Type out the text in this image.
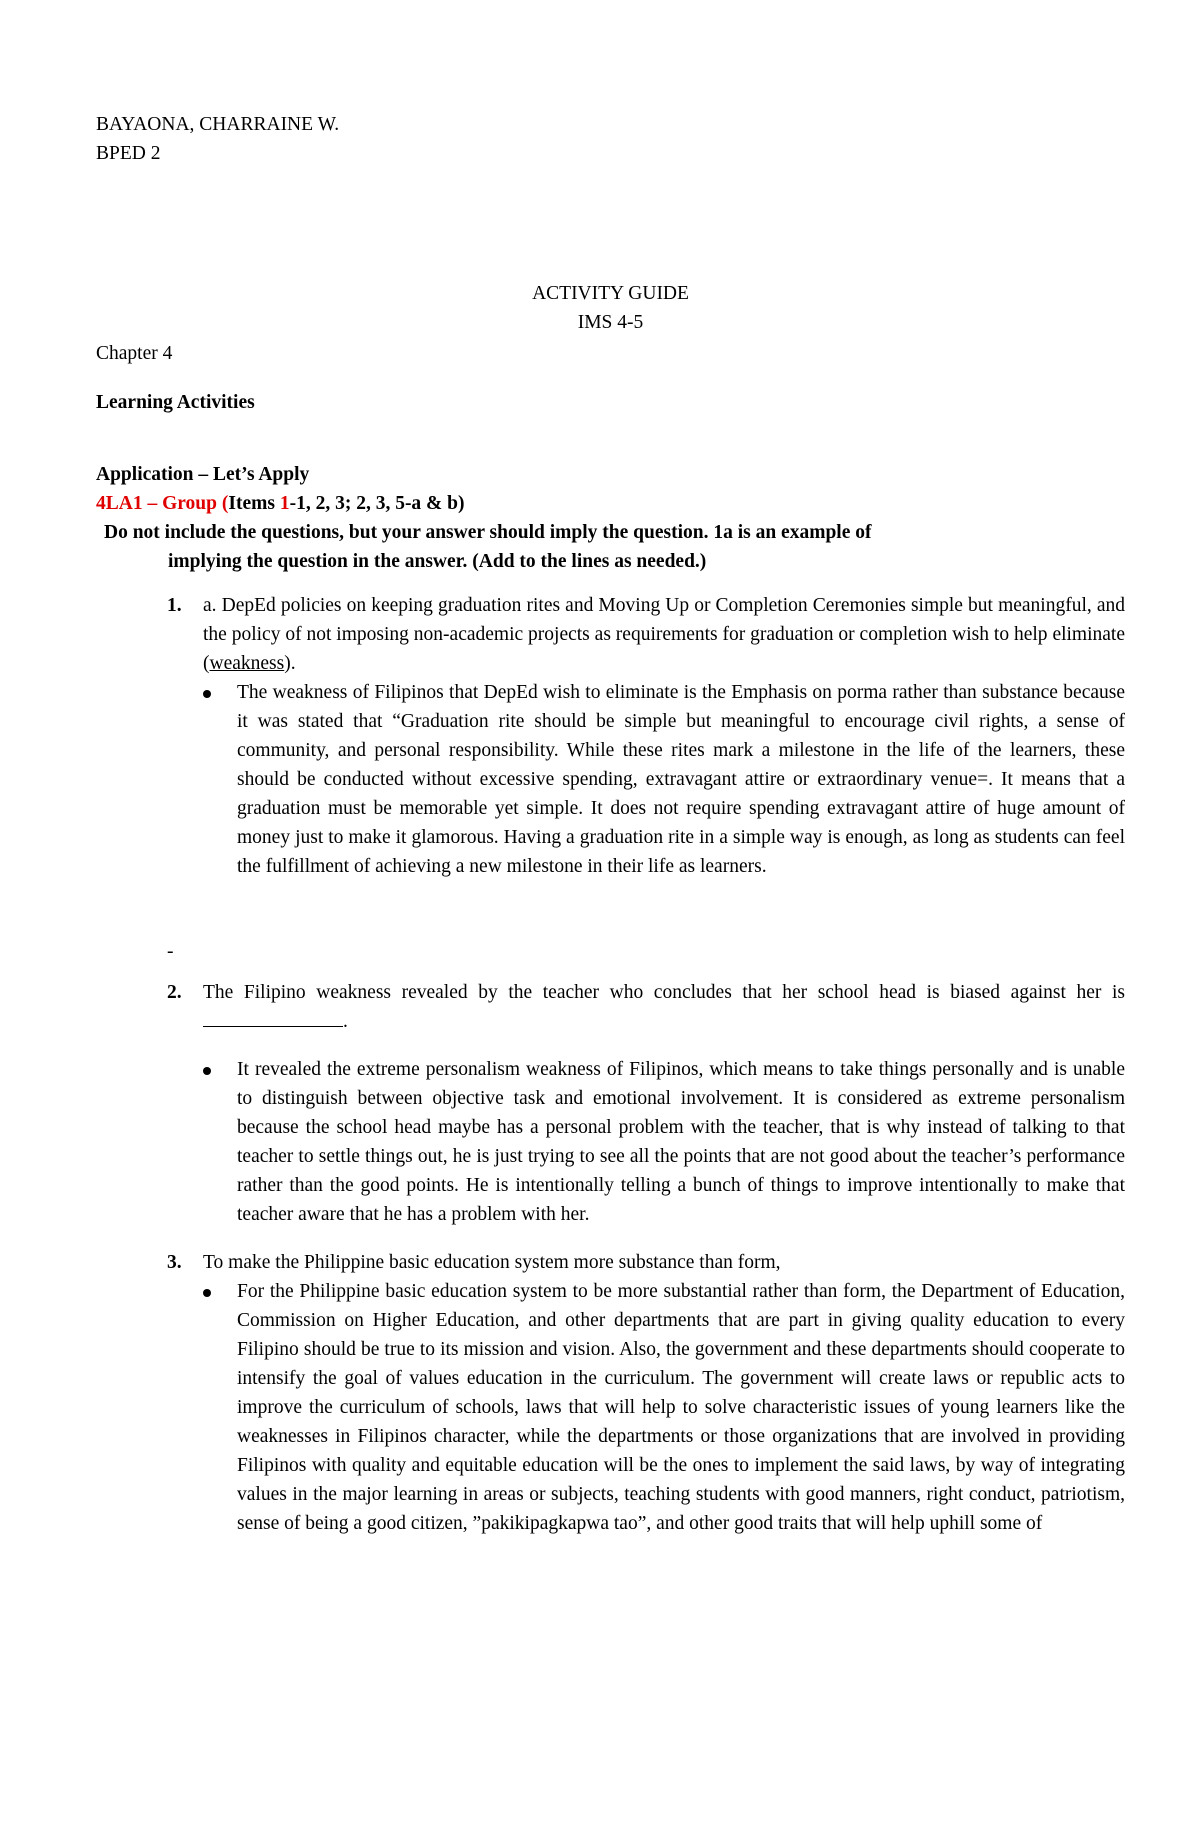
BAYAONA, CHARRAINE W.

BPED 2

ACTIVITY GUIDE

IMS 4-5

Chapter 4

Learning Activities

Application – Let’s Apply

4LA1 – Group (Items 1-1, 2, 3; 2, 3, 5-a & b)

Do not include the questions, but your answer should imply the question. 1a is an example of

implying the question in the answer. (Add to the lines as needed.)

1. a. DepEd policies on keeping graduation rites and Moving Up or Completion Ceremonies simple but meaningful, and the policy of not imposing non-academic projects as requirements for graduation or completion wish to help eliminate (weakness).
The weakness of Filipinos that DepEd wish to eliminate is the Emphasis on porma rather than substance because it was stated that “Graduation rite should be simple but meaningful to encourage civil rights, a sense of community, and personal responsibility. While these rites mark a milestone in the life of the learners, these should be conducted without excessive spending, extravagant attire or extraordinary venue=. It means that a graduation must be memorable yet simple. It does not require spending extravagant attire of huge amount of money just to make it glamorous. Having a graduation rite in a simple way is enough, as long as students can feel the fulfillment of achieving a new milestone in their life as learners.

-

2. The Filipino weakness revealed by the teacher who concludes that her school head is biased against her is.
It revealed the extreme personalism weakness of Filipinos, which means to take things personally and is unable to distinguish between objective task and emotional involvement. It is considered as extreme personalism because the school head maybe has a personal problem with the teacher, that is why instead of talking to that teacher to settle things out, he is just trying to see all the points that are not good about the teacher’s performance rather than the good points. He is intentionally telling a bunch of things to improve intentionally to make that teacher aware that he has a problem with her.
3. To make the Philippine basic education system more substance than form,
For the Philippine basic education system to be more substantial rather than form, the Department of Education, Commission on Higher Education, and other departments that are part in giving quality education to every Filipino should be true to its mission and vision. Also, the government and these departments should cooperate to intensify the goal of values education in the curriculum. The government will create laws or republic acts to improve the curriculum of schools, laws that will help to solve characteristic issues of young learners like the weaknesses in Filipinos character, while the departments or those organizations that are involved in providing Filipinos with quality and equitable education will be the ones to implement the said laws, by way of integrating values in the major learning in areas or subjects, teaching students with good manners, right conduct, patriotism, sense of being a good citizen, ”pakikipagkapwa tao”, and other good traits that will help uphill some of
